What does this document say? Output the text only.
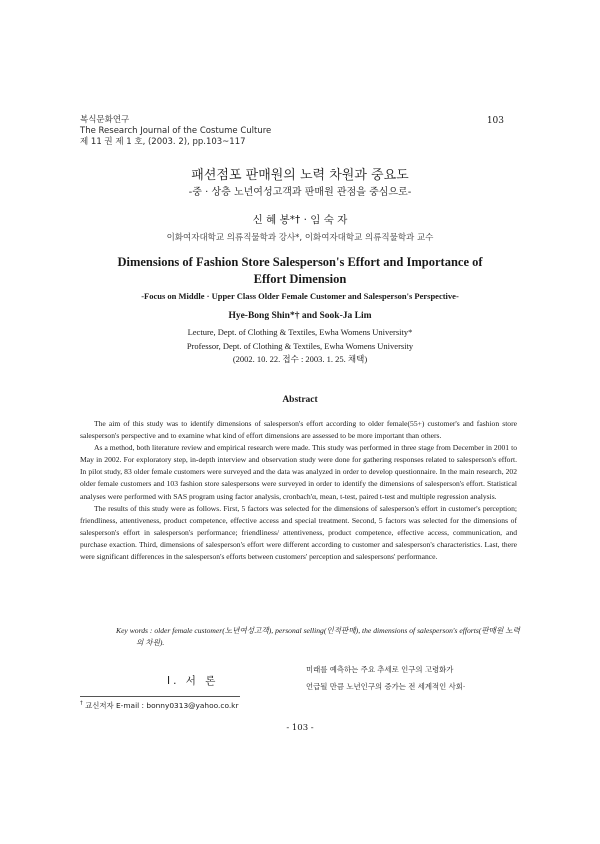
복식문화연구
The Research Journal of the Costume Culture
제 11 권 제 1 호, (2003. 2), pp.103~117
103
패션점포 판매원의 노력 차원과 중요도
-중 · 상층 노년여성고객과 판매원 관점을 중심으로-
신 혜 봉*† · 임 숙 자
이화여자대학교 의류직물학과 강사*, 이화여자대학교 의류직물학과 교수
Dimensions of Fashion Store Salesperson's Effort and Importance of
Effort Dimension
-Focus on Middle · Upper Class Older Female Customer and Salesperson's Perspective-
Hye-Bong Shin*† and Sook-Ja Lim
Lecture, Dept. of Clothing & Textiles, Ewha Womens University*
Professor, Dept. of Clothing & Textiles, Ewha Womens University
(2002. 10. 22. 접수 : 2003. 1. 25. 채택)
Abstract

The aim of this study was to identify dimensions of salesperson's effort according to older female(55+) customer's and fashion store salesperson's perspective and to examine what kind of effort dimensions are assessed to be more important than others.

As a method, both literature review and empirical research were made. This study was performed in three stage from December in 2001 to May in 2002. For exploratory step, in-depth interview and observation study were done for gathering responses related to salesperson's effort. In pilot study, 83 older female customers were surveyed and the data was analyzed in order to develop questionnaire. In the main research, 202 older female customers and 103 fashion store salespersons were surveyed in order to identify the dimensions of salesperson's effort. Statistical analyses were performed with SAS program using factor analysis, cronbach'α, mean, t-test, paired t-test and multiple regression analysis.

The results of this study were as follows. First, 5 factors was selected for the dimensions of salesperson's effort in customer's perception; friendliness, attentiveness, product competence, effective access and special treatment. Second, 5 factors was selected for the dimensions of salesperson's effort in salesperson's performance; friendliness/ attentiveness, product competence, effective access, communication, and purchase exaction. Third, dimensions of salesperson's effort were different according to customer and salesperson's characteristics. Last, there were significant differences in the salesperson's efforts between customers' perception and salespersons' performance.

Key words : older female customer(노년여성고객), personal selling(인적판매), the dimensions of salesperson's efforts(판매원 노력의 차원).
Ⅰ. 서 론
미래를 예측하는 주요 추세로 인구의 고령화가
언급될 만큼 노년인구의 증가는 전 세계적인 사회·
† 교신저자 E-mail : bonny0313@yahoo.co.kr
- 103 -
